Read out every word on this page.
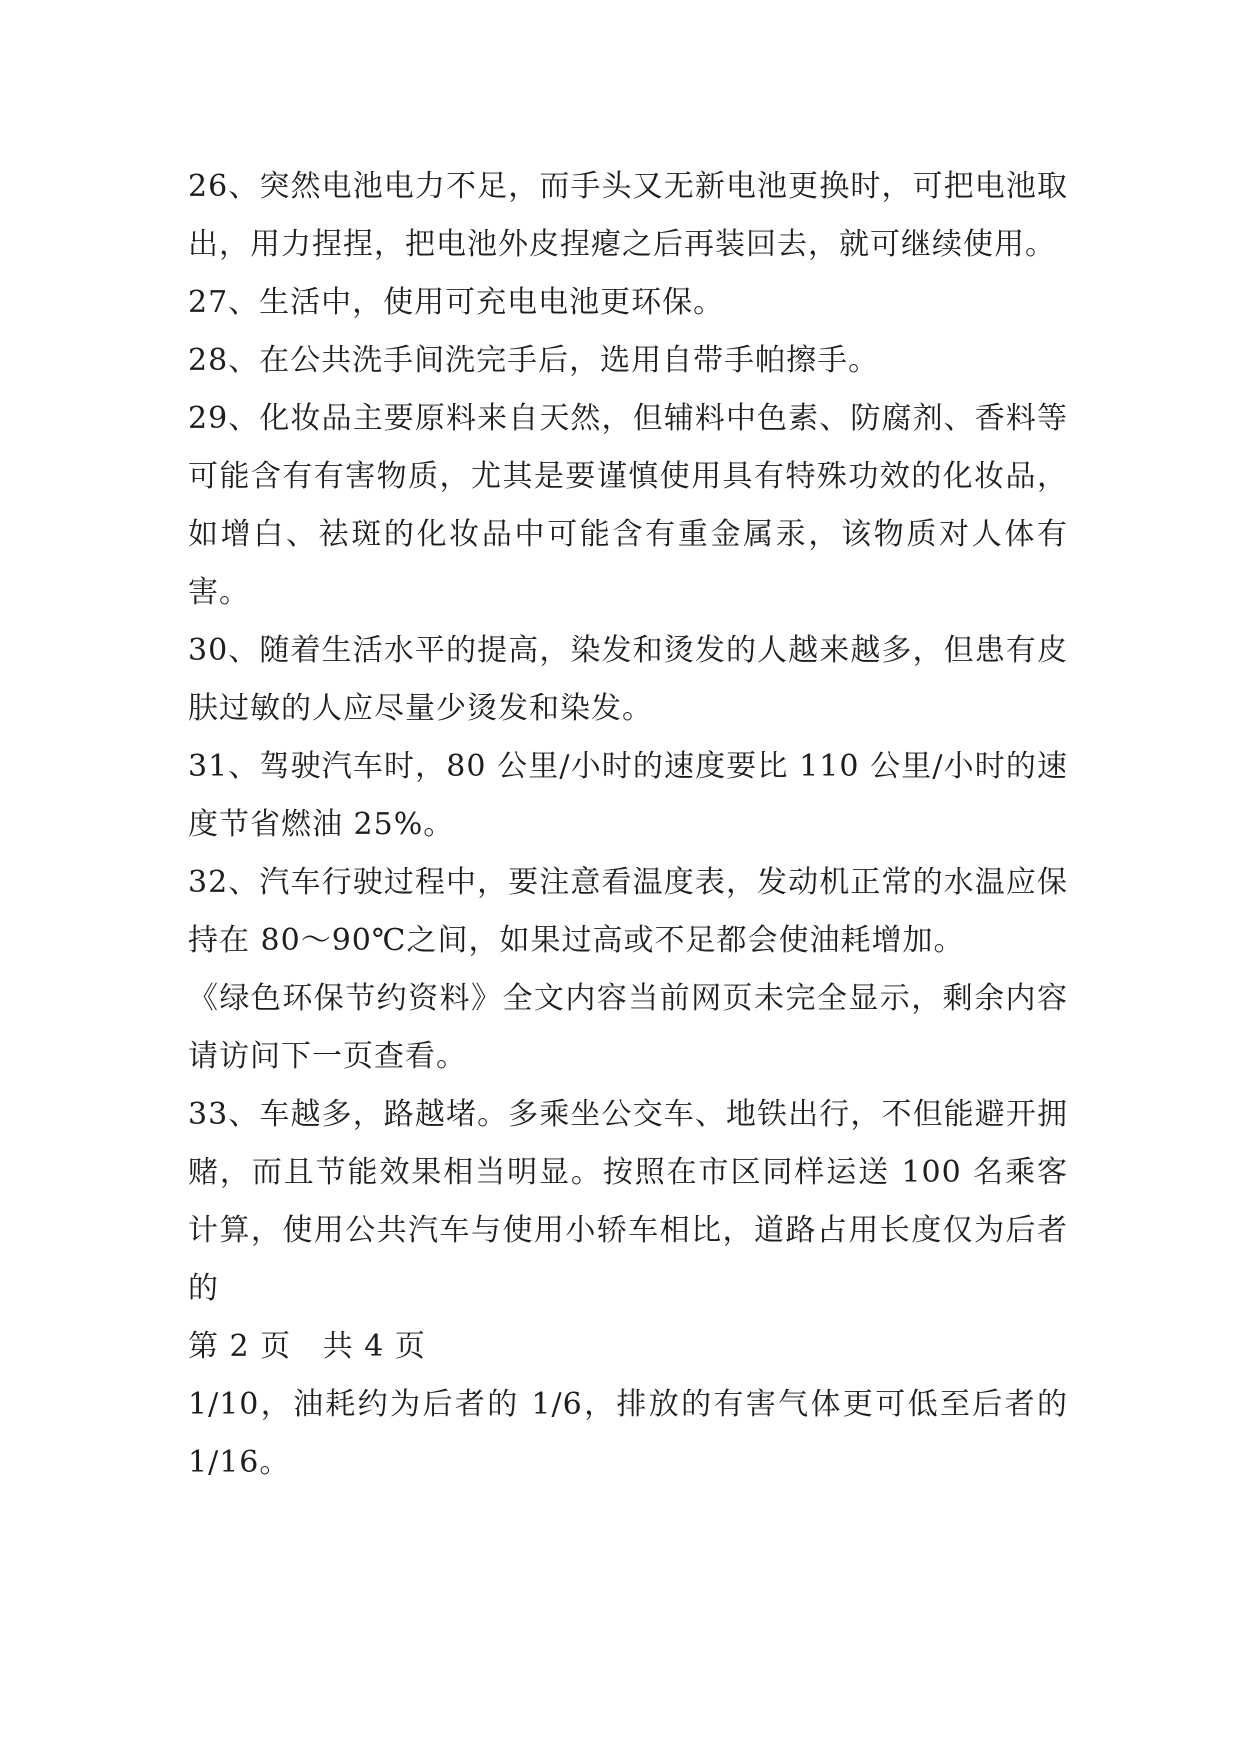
26、突然电池电力不足，而手头又无新电池更换时，可把电池取出，用力捏捏，把电池外皮捏瘪之后再装回去，就可继续使用。

27、生活中，使用可充电电池更环保。

28、在公共洗手间洗完手后，选用自带手帕擦手。

29、化妆品主要原料来自天然，但辅料中色素、防腐剂、香料等可能含有有害物质，尤其是要谨慎使用具有特殊功效的化妆品，如增白、祛斑的化妆品中可能含有重金属汞，该物质对人体有害。

30、随着生活水平的提高，染发和烫发的人越来越多，但患有皮肤过敏的人应尽量少烫发和染发。

31、驾驶汽车时，80 公里/小时的速度要比 110 公里/小时的速度节省燃油 25%。

32、汽车行驶过程中，要注意看温度表，发动机正常的水温应保持在 80～90℃之间，如果过高或不足都会使油耗增加。

《绿色环保节约资料》全文内容当前网页未完全显示，剩余内容请访问下一页查看。

33、车越多，路越堵。多乘坐公交车、地铁出行，不但能避开拥赌，而且节能效果相当明显。按照在市区同样运送 100 名乘客计算，使用公共汽车与使用小轿车相比，道路占用长度仅为后者的

第 2 页   共 4 页

1/10，油耗约为后者的 1/6，排放的有害气体更可低至后者的 1/16。
